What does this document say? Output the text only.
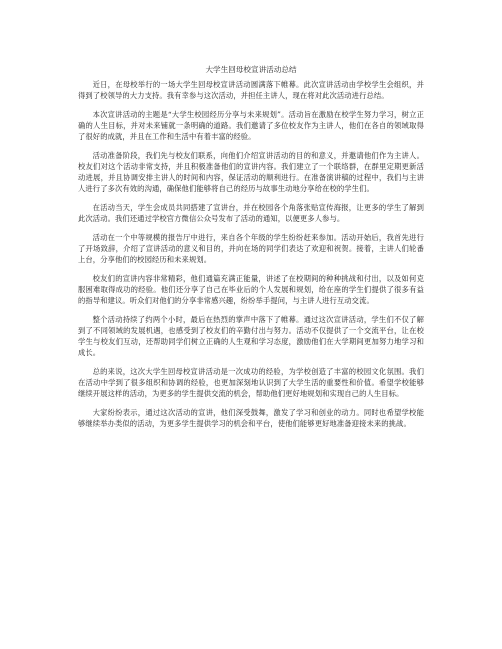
大学生回母校宣讲活动总结

近日，在母校举行的一场大学生回母校宣讲活动圆满落下帷幕。此次宣讲活动由学校学生会组织，并得到了校领导的大力支持。我有幸参与这次活动，并担任主讲人，现在将对此次活动进行总结。

本次宣讲活动的主题是“大学生校园经历分享与未来规划”。活动旨在激励在校学生努力学习，树立正确的人生目标，并对未来铺就一条明确的道路。我们邀请了多位校友作为主讲人，他们在各自的领域取得了很好的成就，并且在工作和生活中有着丰富的经验。

活动准备阶段，我们先与校友们联系，向他们介绍宣讲活动的目的和意义，并邀请他们作为主讲人。校友们对这个活动非常支持，并且积极准备他们的宣讲内容。我们建立了一个联络群，在群里定期更新活动进展，并且协调安排主讲人的时间和内容，保证活动的顺利进行。在准备演讲稿的过程中，我们与主讲人进行了多次有效的沟通，确保他们能够将自己的经历与故事生动地分享给在校的学生们。

在活动当天，学生会成员共同搭建了宣讲台，并在校园各个角落张贴宣传海报，让更多的学生了解到此次活动。我们还通过学校官方微信公众号发布了活动的通知，以便更多人参与。

活动在一个中等规模的报告厅中进行，来自各个年级的学生纷纷赶来参加。活动开始后，我首先进行了开场致辞，介绍了宣讲活动的意义和目的，并向在场的同学们表达了欢迎和祝贺。接着，主讲人们轮番上台，分享他们的校园经历和未来规划。

校友们的宣讲内容非常精彩，他们通篇充满正能量，讲述了在校期间的种种挑战和付出，以及如何克服困难取得成功的经验。他们还分享了自己在毕业后的个人发展和规划，给在座的学生们提供了很多有益的指导和建议。听众们对他们的分享非常感兴趣，纷纷举手提问，与主讲人进行互动交流。

整个活动持续了约两个小时，最后在热烈的掌声中落下了帷幕。通过这次宣讲活动，学生们不仅了解到了不同领域的发展机遇，也感受到了校友们的辛勤付出与努力。活动不仅提供了一个交流平台，让在校学生与校友们互动，还帮助同学们树立正确的人生观和学习态度，激励他们在大学期间更加努力地学习和成长。

总的来说，这次大学生回母校宣讲活动是一次成功的经验，为学校创造了丰富的校园文化氛围。我们在活动中学到了很多组织和协调的经验，也更加深刻地认识到了大学生活的重要性和价值。希望学校能够继续开展这样的活动，为更多的学生提供交流的机会，帮助他们更好地规划和实现自己的人生目标。

大家纷纷表示，通过这次活动的宣讲，他们深受鼓舞，激发了学习和创业的动力。同时也希望学校能够继续举办类似的活动，为更多学生提供学习的机会和平台，使他们能够更好地准备迎接未来的挑战。
